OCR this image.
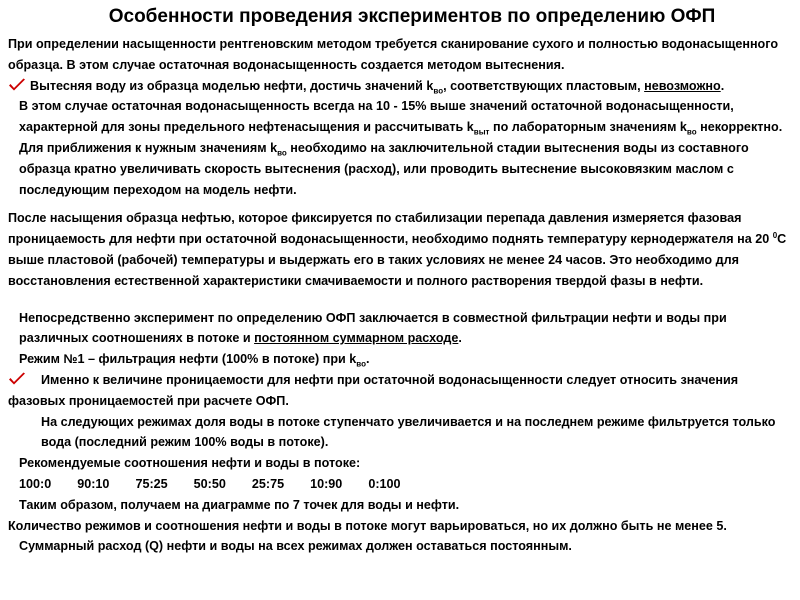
Особенности проведения экспериментов по определению ОФП

При определении насыщенности рентгеновским методом требуется сканирование сухого и полностью водонасыщенного образца. В этом случае остаточная водонасыщенность создается методом вытеснения.

Вытесняя воду из образца моделью нефти, достичь значений $k_{во}$, соответствующих пластовым, невозможно.

В этом случае остаточная водонасыщенность всегда на 10 - 15% выше значений остаточной водонасыщенности, характерной для зоны предельного нефтенасыщения и рассчитывать $k_{выт}$ по лабораторным значениям $k_{во}$ некорректно.

Для приближения к нужным значениям $k_{во}$ необходимо на заключительной стадии вытеснения воды из составного образца кратно увеличивать скорость вытеснения (расход), или проводить вытеснение высоковязким маслом с последующим переходом на модель нефти.

После насыщения образца нефтью, которое фиксируется по стабилизации перепада давления измеряется фазовая проницаемость для нефти при остаточной водонасыщенности, необходимо поднять температуру кернодержателя на 20 $^0$С выше пластовой (рабочей) температуры и выдержать его в таких условиях не менее 24 часов. Это необходимо для восстановления естественной характеристики смачиваемости и полного растворения твердой фазы в нефти.

Непосредственно эксперимент по определению ОФП заключается в совместной фильтрации нефти и воды при различных соотношениях в потоке и постоянном суммарном расходе.

Режим №1 – фильтрация нефти (100% в потоке) при $k_{во}$.

Именно к величине проницаемости для нефти при остаточной водонасыщенности следует относить значения фазовых проницаемостей при расчете ОФП.

На следующих режимах доля воды в потоке ступенчато увеличивается и на последнем режиме фильтруется только вода (последний режим 100% воды в потоке).

Рекомендуемые соотношения нефти и воды в потоке:

100:0 90:10 75:25 50:50 25:75 10:90 0:100

Таким образом, получаем на диаграмме по 7 точек для воды и нефти.

Количество режимов и соотношения нефти и воды в потоке могут варьироваться, но их должно быть не менее 5.

Суммарный расход (Q) нефти и воды на всех режимах должен оставаться постоянным.
